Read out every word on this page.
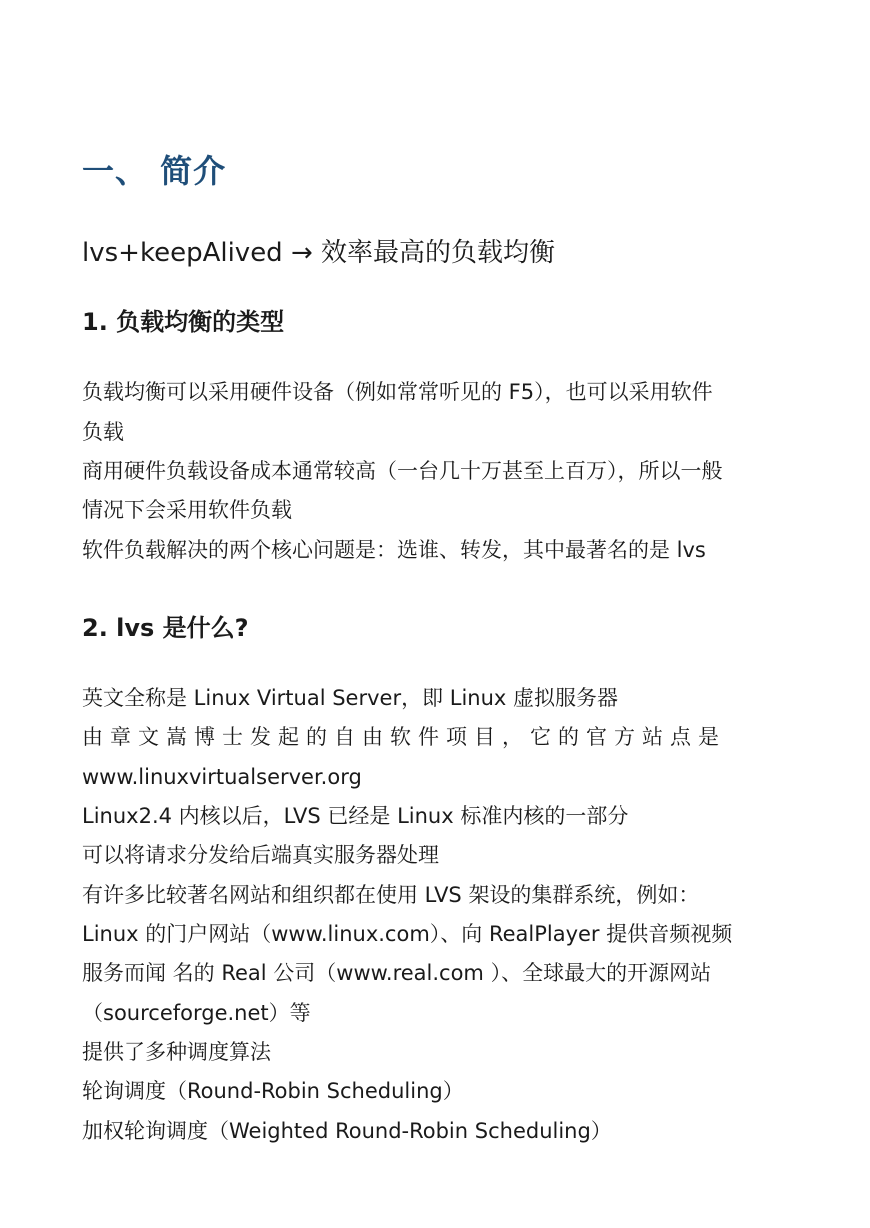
一、 简介
lvs+keepAlived → 效率最高的负载均衡
1. 负载均衡的类型
负载均衡可以采用硬件设备（例如常常听见的 F5），也可以采用软件
负载
商用硬件负载设备成本通常较高（一台几十万甚至上百万），所以一般
情况下会采用软件负载
软件负载解决的两个核心问题是：选谁、转发，其中最著名的是 lvs
2. lvs 是什么?
英文全称是 Linux Virtual Server，即 Linux 虚拟服务器
由章文嵩博士发起的自由软件项目，它的官方站点是
www.linuxvirtualserver.org
Linux2.4 内核以后，LVS 已经是 Linux 标准内核的一部分
可以将请求分发给后端真实服务器处理
有许多比较著名网站和组织都在使用 LVS 架设的集群系统，例如：
Linux 的门户网站（www.linux.com）、向 RealPlayer 提供音频视频
服务而闻 名的 Real 公司（www.real.com ）、全球最大的开源网站
（sourceforge.net）等
提供了多种调度算法
轮询调度（Round-Robin Scheduling）
加权轮询调度（Weighted Round-Robin Scheduling）
